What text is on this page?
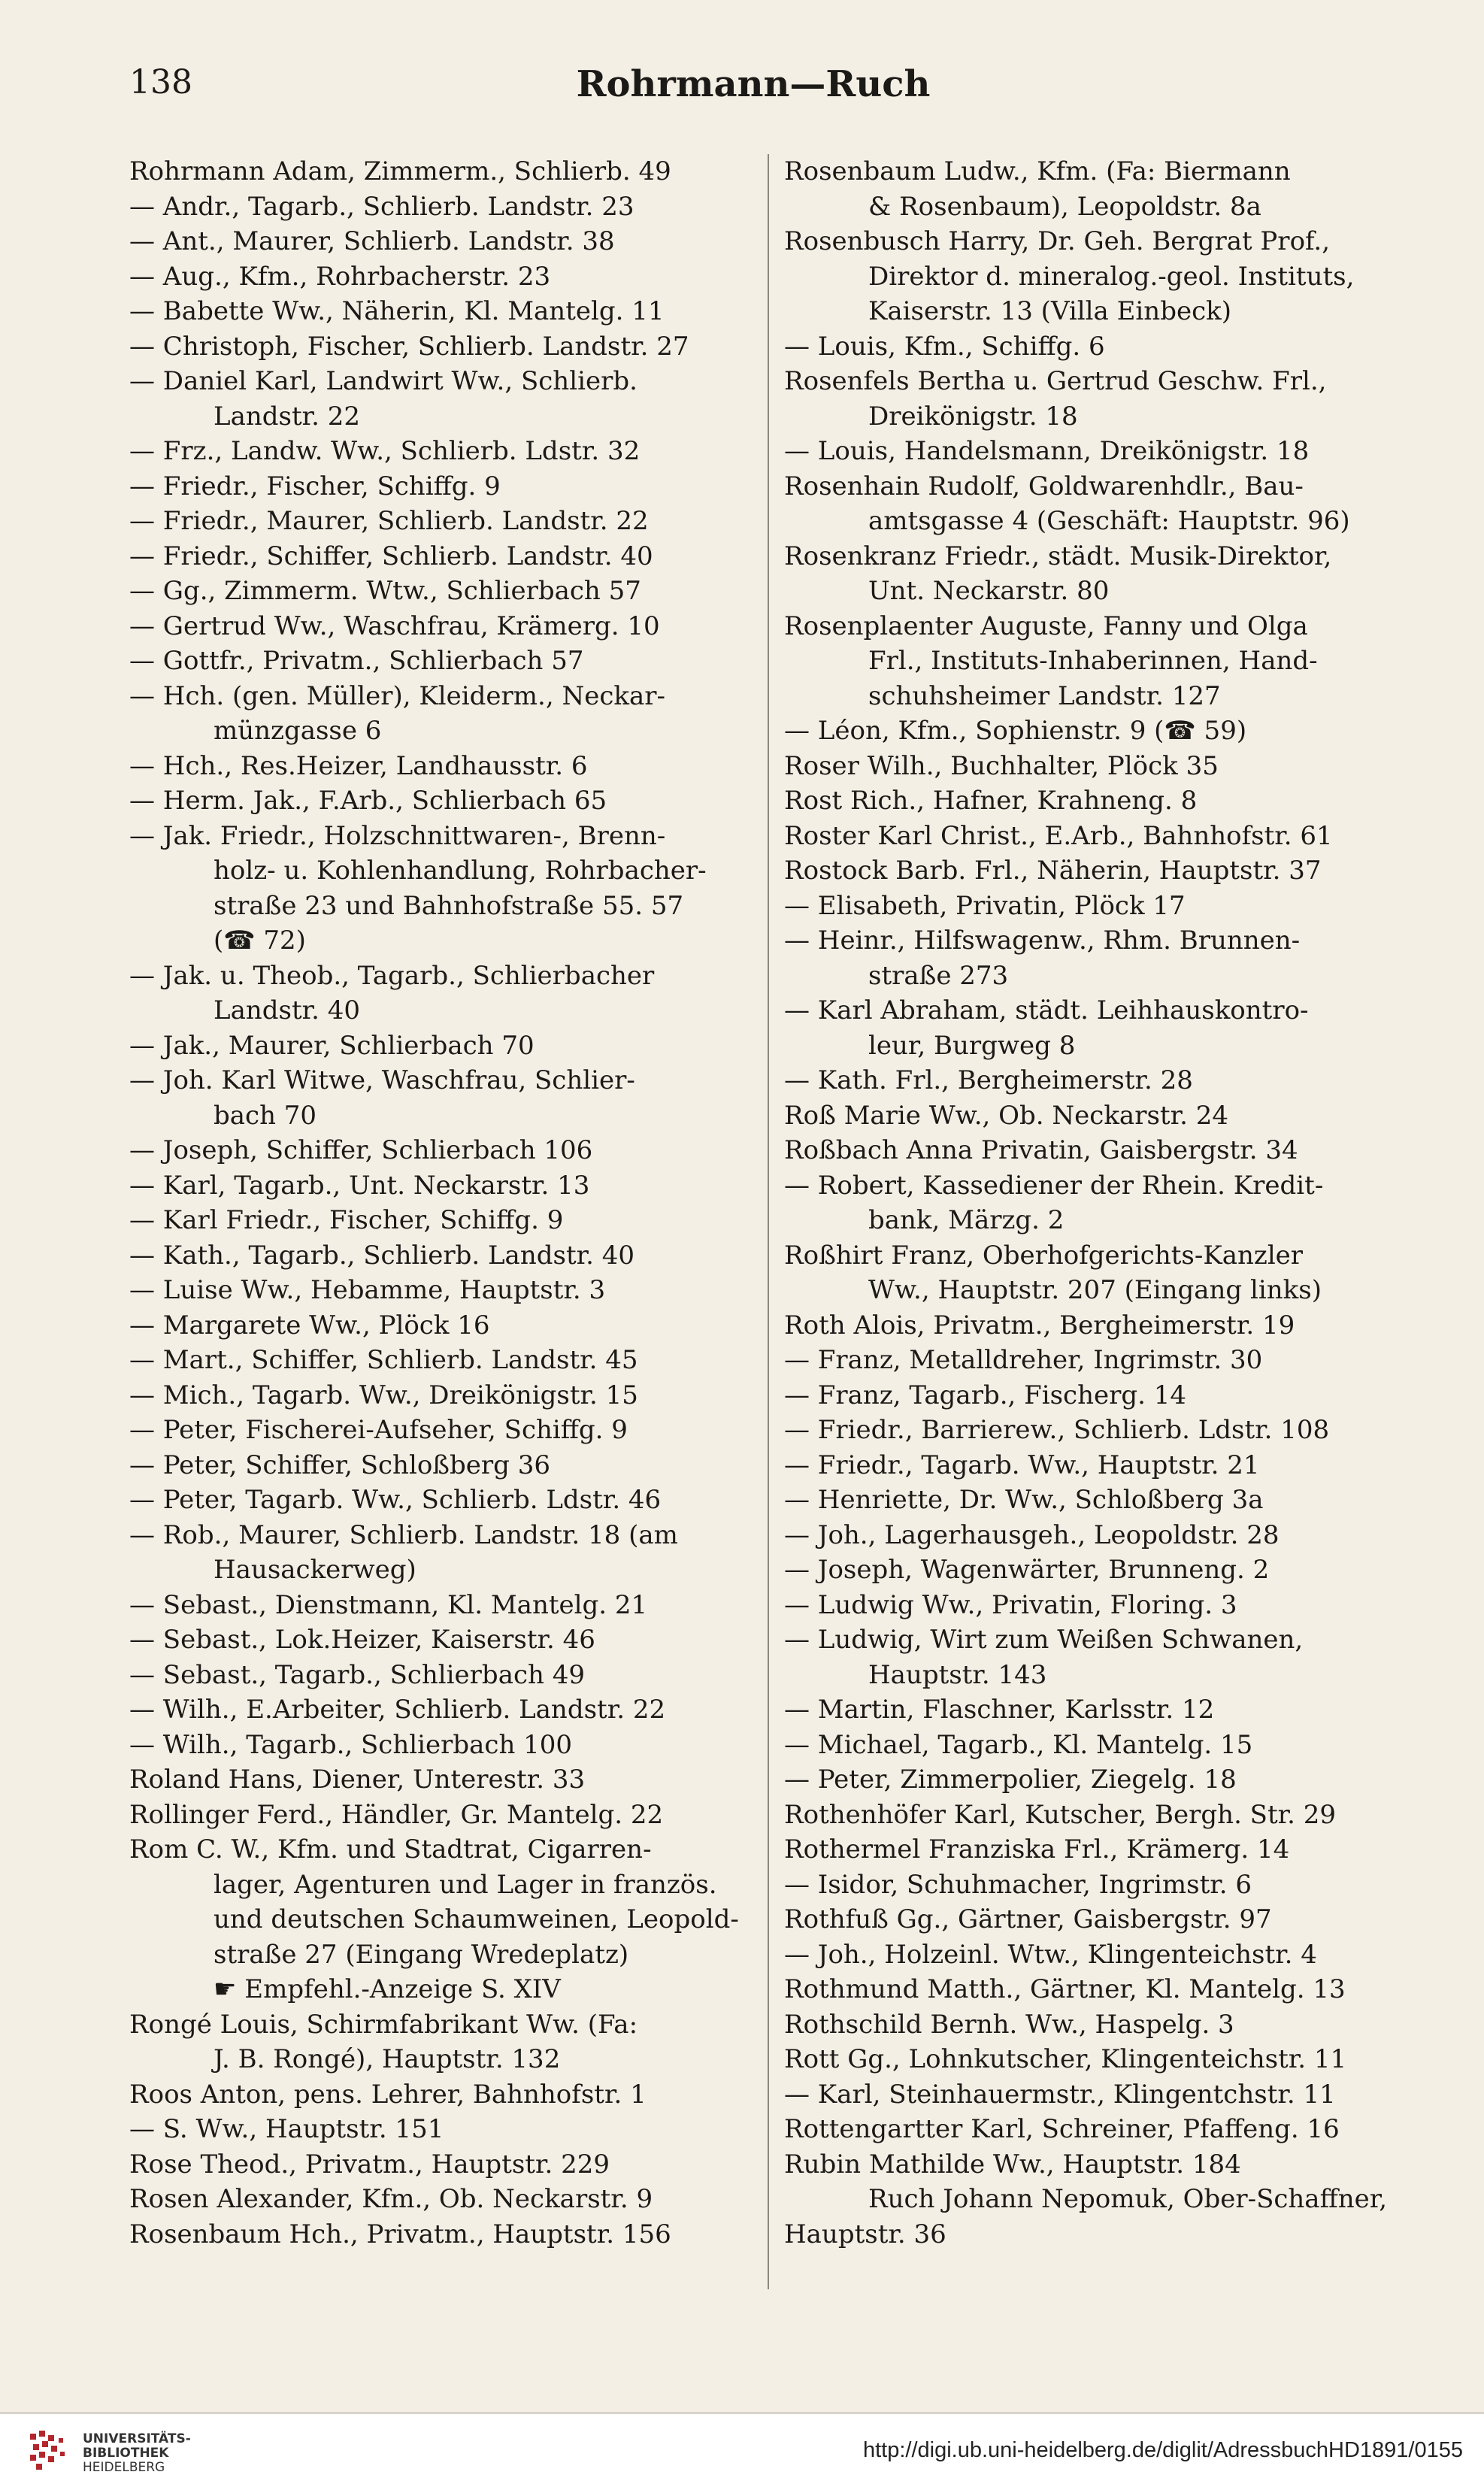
138	Rohrmann—Ruch
Rohrmann Adam, Zimmerm., Schlierb. 49
— Andr., Tagarb., Schlierb. Landstr. 23
— Ant., Maurer, Schlierb. Landstr. 38
— Aug., Kfm., Rohrbacherstr. 23
— Babette Ww., Näherin, Kl. Mantelg. 11
— Christoph, Fischer, Schlierb. Landstr. 27
— Daniel Karl, Landwirt Ww., Schlierb.
Landstr. 22
— Frz., Landw. Ww., Schlierb. Ldstr. 32
— Friedr., Fischer, Schiffg. 9
— Friedr., Maurer, Schlierb. Landstr. 22
— Friedr., Schiffer, Schlierb. Landstr. 40
— Gg., Zimmerm. Wtw., Schlierbach 57
— Gertrud Ww., Waschfrau, Krämerg. 10
— Gottfr., Privatm., Schlierbach 57
— Hch. (gen. Müller), Kleiderm., Neckar-
münzgasse 6
— Hch., Res.Heizer, Landhausstr. 6
— Herm. Jak., F.Arb., Schlierbach 65
— Jak. Friedr., Holzschnittwaren-, Brenn-
holz- u. Kohlenhandlung, Rohrbacher-
straße 23 und Bahnhofstraße 55. 57
(☎ 72)
— Jak. u. Theob., Tagarb., Schlierbacher
Landstr. 40
— Jak., Maurer, Schlierbach 70
— Joh. Karl Witwe, Waschfrau, Schlier-
bach 70
— Joseph, Schiffer, Schlierbach 106
— Karl, Tagarb., Unt. Neckarstr. 13
— Karl Friedr., Fischer, Schiffg. 9
— Kath., Tagarb., Schlierb. Landstr. 40
— Luise Ww., Hebamme, Hauptstr. 3
— Margarete Ww., Plöck 16
— Mart., Schiffer, Schlierb. Landstr. 45
— Mich., Tagarb. Ww., Dreikönigstr. 15
— Peter, Fischerei-Aufseher, Schiffg. 9
— Peter, Schiffer, Schloßberg 36
— Peter, Tagarb. Ww., Schlierb. Ldstr. 46
— Rob., Maurer, Schlierb. Landstr. 18 (am
Hausackerweg)
— Sebast., Dienstmann, Kl. Mantelg. 21
— Sebast., Lok.Heizer, Kaiserstr. 46
— Sebast., Tagarb., Schlierbach 49
— Wilh., E.Arbeiter, Schlierb. Landstr. 22
— Wilh., Tagarb., Schlierbach 100
Roland Hans, Diener, Unterestr. 33
Rollinger Ferd., Händler, Gr. Mantelg. 22
Rom C. W., Kfm. und Stadtrat, Cigarren-
lager, Agenturen und Lager in französ.
und deutschen Schaumweinen, Leopold-
straße 27 (Eingang Wredeplatz)
☛ Empfehl.-Anzeige S. XIV
Rongé Louis, Schirmfabrikant Ww. (Fa:
J. B. Rongé), Hauptstr. 132
Roos Anton, pens. Lehrer, Bahnhofstr. 1
— S. Ww., Hauptstr. 151
Rose Theod., Privatm., Hauptstr. 229
Rosen Alexander, Kfm., Ob. Neckarstr. 9
Rosenbaum Hch., Privatm., Hauptstr. 156
Rosenbaum Ludw., Kfm. (Fa: Biermann
& Rosenbaum), Leopoldstr. 8a
Rosenbusch Harry, Dr. Geh. Bergrat Prof.,
Direktor d. mineralog.-geol. Instituts,
Kaiserstr. 13 (Villa Einbeck)
— Louis, Kfm., Schiffg. 6
Rosenfels Bertha u. Gertrud Geschw. Frl.,
Dreikönigstr. 18
— Louis, Handelsmann, Dreikönigstr. 18
Rosenhain Rudolf, Goldwarenhdlr., Bau-
amtsgasse 4 (Geschäft: Hauptstr. 96)
Rosenkranz Friedr., städt. Musik-Direktor,
Unt. Neckarstr. 80
Rosenplaenter Auguste, Fanny und Olga
Frl., Instituts-Inhaberinnen, Hand-
schuhsheimer Landstr. 127
— Léon, Kfm., Sophienstr. 9 (☎ 59)
Roser Wilh., Buchhalter, Plöck 35
Rost Rich., Hafner, Krahneng. 8
Roster Karl Christ., E.Arb., Bahnhofstr. 61
Rostock Barb. Frl., Näherin, Hauptstr. 37
— Elisabeth, Privatin, Plöck 17
— Heinr., Hilfswagenw., Rhm. Brunnen-
straße 273
— Karl Abraham, städt. Leihhauskontro-
leur, Burgweg 8
— Kath. Frl., Bergheimerstr. 28
Roß Marie Ww., Ob. Neckarstr. 24
Roßbach Anna Privatin, Gaisbergstr. 34
— Robert, Kassediener der Rhein. Kredit-
bank, Märzg. 2
Roßhirt Franz, Oberhofgerichts-Kanzler
Ww., Hauptstr. 207 (Eingang links)
Roth Alois, Privatm., Bergheimerstr. 19
— Franz, Metalldreher, Ingrimstr. 30
— Franz, Tagarb., Fischerg. 14
— Friedr., Barrierew., Schlierb. Ldstr. 108
— Friedr., Tagarb. Ww., Hauptstr. 21
— Henriette, Dr. Ww., Schloßberg 3a
— Joh., Lagerhausgeh., Leopoldstr. 28
— Joseph, Wagenwärter, Brunneng. 2
— Ludwig Ww., Privatin, Floring. 3
— Ludwig, Wirt zum Weißen Schwanen,
Hauptstr. 143
— Martin, Flaschner, Karlsstr. 12
— Michael, Tagarb., Kl. Mantelg. 15
— Peter, Zimmerpolier, Ziegelg. 18
Rothenhöfer Karl, Kutscher, Bergh. Str. 29
Rothermel Franziska Frl., Krämerg. 14
— Isidor, Schuhmacher, Ingrimstr. 6
Rothfuß Gg., Gärtner, Gaisbergstr. 97
— Joh., Holzeinl. Wtw., Klingenteichstr. 4
Rothmund Matth., Gärtner, Kl. Mantelg. 13
Rothschild Bernh. Ww., Haspelg. 3
Rott Gg., Lohnkutscher, Klingenteichstr. 11
— Karl, Steinhauermstr., Klingentchstr. 11
Rottengartter Karl, Schreiner, Pfaffeng. 16
Rubin Mathilde Ww., Hauptstr. 184
Ruch Johann Nepomuk, Ober-Schaffner,
Hauptstr. 36
UNIVERSITÄTS-
BIBLIOTHEK
HEIDELBERG
http://digi.ub.uni-heidelberg.de/diglit/AdressbuchHD1891/0155
